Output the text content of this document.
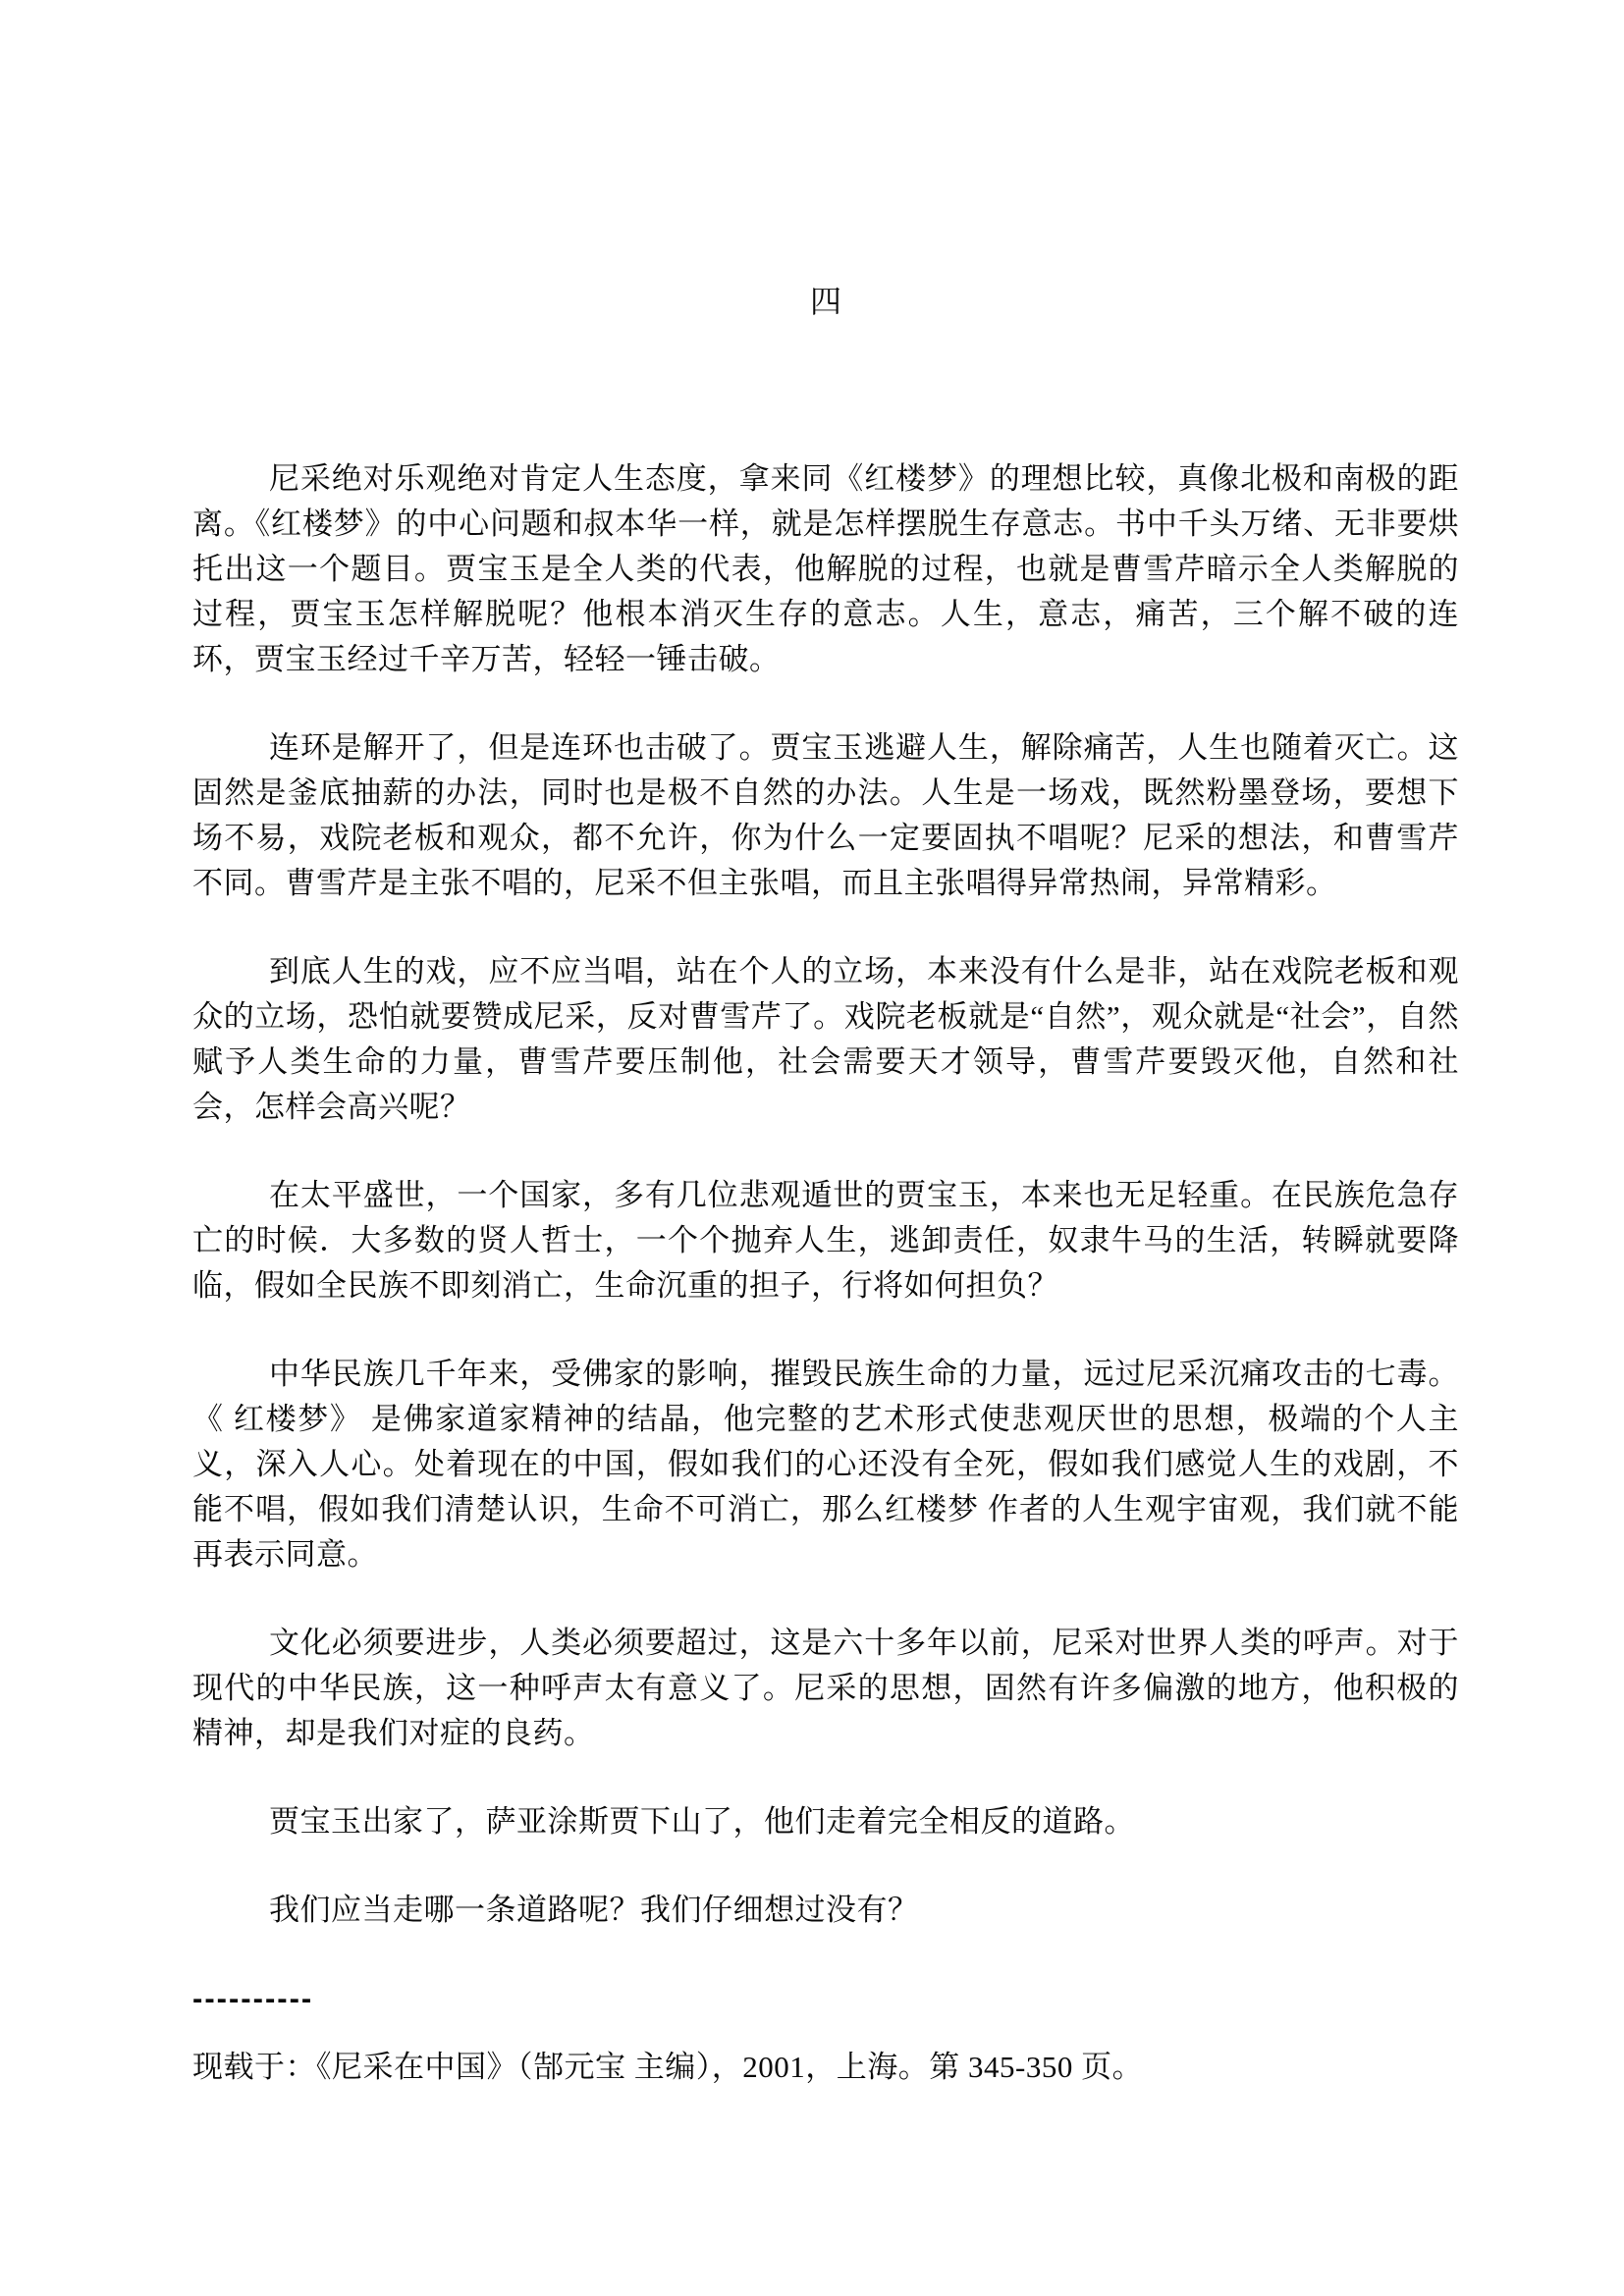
四

尼采绝对乐观绝对肯定人生态度，拿来同《红楼梦》的理想比较，真像北极和南极的距离。《红楼梦》的中心问题和叔本华一样，就是怎样摆脱生存意志。书中千头万绪、无非要烘托出这一个题目。贾宝玉是全人类的代表，他解脱的过程，也就是曹雪芹暗示全人类解脱的过程，贾宝玉怎样解脱呢？他根本消灭生存的意志。人生，意志，痛苦，三个解不破的连环，贾宝玉经过千辛万苦，轻轻一锤击破。

连环是解开了，但是连环也击破了。贾宝玉逃避人生，解除痛苦，人生也随着灭亡。这固然是釜底抽薪的办法，同时也是极不自然的办法。人生是一场戏，既然粉墨登场，要想下场不易，戏院老板和观众，都不允许，你为什么一定要固执不唱呢？尼采的想法，和曹雪芹不同。曹雪芹是主张不唱的，尼采不但主张唱，而且主张唱得异常热闹，异常精彩。

到底人生的戏，应不应当唱，站在个人的立场，本来没有什么是非，站在戏院老板和观众的立场，恐怕就要赞成尼采，反对曹雪芹了。戏院老板就是“自然”，观众就是“社会”，自然赋予人类生命的力量，曹雪芹要压制他，社会需要天才领导，曹雪芹要毁灭他，自然和社会，怎样会高兴呢？

在太平盛世，一个国家，多有几位悲观遁世的贾宝玉，本来也无足轻重。在民族危急存亡的时候．大多数的贤人哲士，一个个抛弃人生，逃卸责任，奴隶牛马的生活，转瞬就要降临，假如全民族不即刻消亡，生命沉重的担子，行将如何担负？

中华民族几千年来，受佛家的影响，摧毁民族生命的力量，远过尼采沉痛攻击的七毒。《 红楼梦》 是佛家道家精神的结晶，他完整的艺术形式使悲观厌世的思想，极端的个人主义，深入人心。处着现在的中国，假如我们的心还没有全死，假如我们感觉人生的戏剧，不能不唱，假如我们清楚认识，生命不可消亡，那么红楼梦 作者的人生观宇宙观，我们就不能再表示同意。

文化必须要进步，人类必须要超过，这是六十多年以前，尼采对世界人类的呼声。对于现代的中华民族，这一种呼声太有意义了。尼采的思想，固然有许多偏激的地方，他积极的精神，却是我们对症的良药。

贾宝玉出家了，萨亚涂斯贾下山了，他们走着完全相反的道路。

我们应当走哪一条道路呢？我们仔细想过没有？

----------

现载于：《尼采在中国》（郜元宝 主编），2001，上海。第 345-350 页。
